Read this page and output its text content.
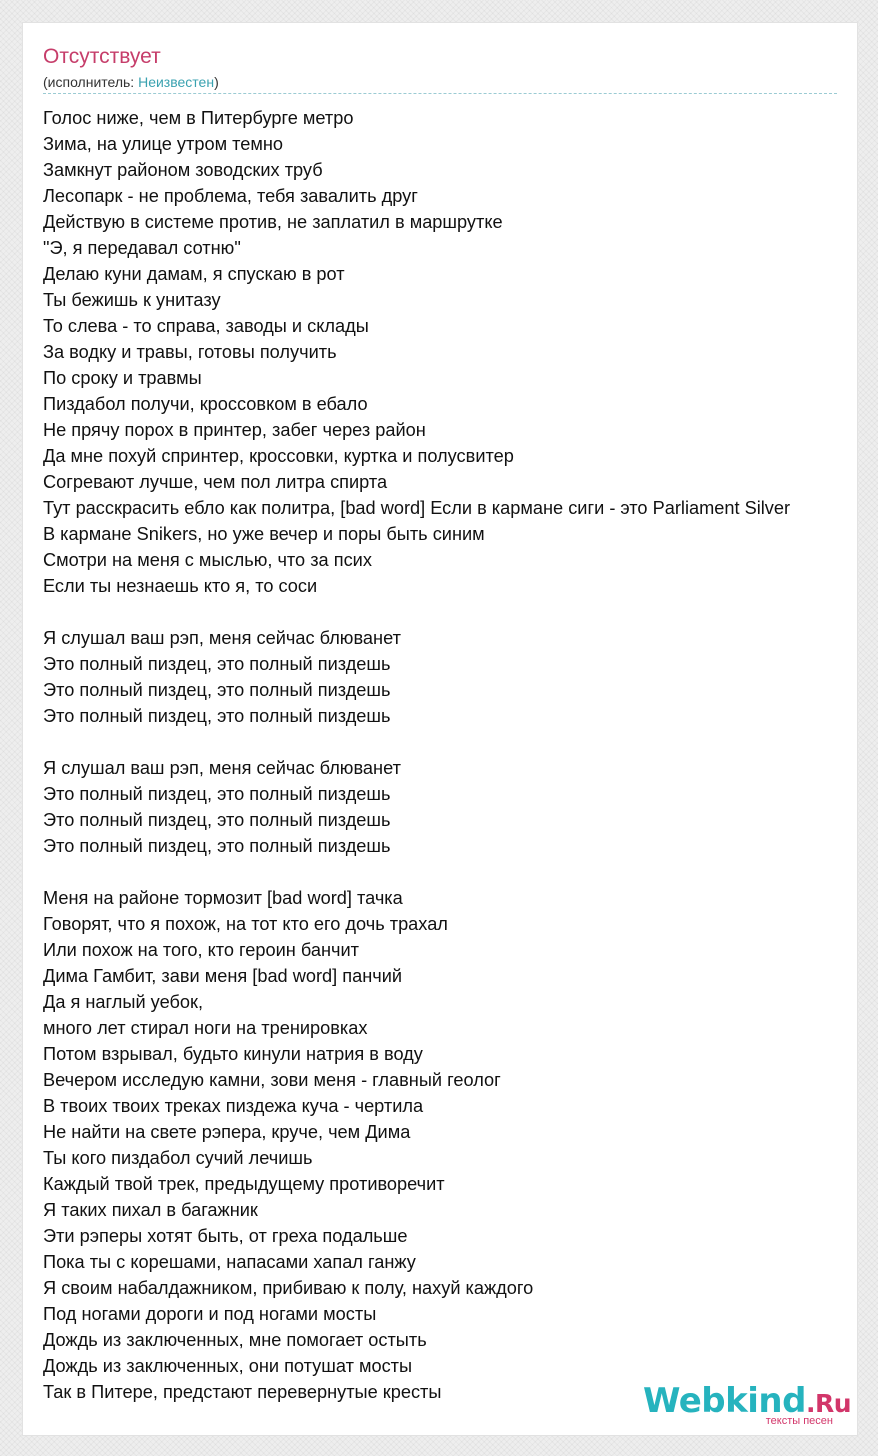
Отсутствует
(исполнитель: Неизвестен)
Голос ниже, чем в Питербурге метро
Зима, на улице утром темно
Замкнут районом зоводских труб
Лесопарк - не проблема, тебя завалить друг
Действую в системе против, не заплатил в маршрутке
"Э, я передавал сотню"
Делаю куни дамам, я спускаю в рот
Ты бежишь к унитазу
То слева - то справа, заводы и склады
За водку и травы, готовы получить
По сроку и травмы
Пиздабол получи, кроссовком в ебало
Не прячу порох в принтер, забег через район
Да мне похуй спринтер, кроссовки, куртка и полусвитер
Согревают лучше, чем пол литра спирта
Тут расскрасить ебло как политра, [bad word] Если в кармане сиги - это Parliament Silver
В кармане Snikers, но уже вечер и поры быть синим
Смотри на меня с мыслью, что за псих
Если ты незнаешь кто я, то соси
Я слушал ваш рэп, меня сейчас блюванет
Это полный пиздец, это полный пиздешь
Это полный пиздец, это полный пиздешь
Это полный пиздец, это полный пиздешь
Я слушал ваш рэп, меня сейчас блюванет
Это полный пиздец, это полный пиздешь
Это полный пиздец, это полный пиздешь
Это полный пиздец, это полный пиздешь
Меня на районе тормозит [bad word] тачка
Говорят, что я похож, на тот кто его дочь трахал
Или похож на того, кто героин банчит
Дима Гамбит, зави меня [bad word] панчий
Да я наглый уебок,
много лет стирал ноги на тренировках
Потом взрывал, будьто кинули натрия в воду
Вечером исследую камни, зови меня - главный геолог
В твоих твоих треках пиздежа куча - чертила
Не найти на свете рэпера, круче, чем Дима
Ты кого пиздабол сучий лечишь
Каждый твой трек, предыдущему противоречит
Я таких пихал в багажник
Эти рэперы хотят быть, от греха подальше
Пока ты с корешами, напасами хапал ганжу
Я своим набалдажником, прибиваю к полу, нахуй каждого
Под ногами дороги и под ногами мосты
Дождь из заключенных, мне помогает остыть
Дождь из заключенных, они потушат мосты
Так в Питере, предстают перевернутые кресты	Webkind.Ru
тексты песен
